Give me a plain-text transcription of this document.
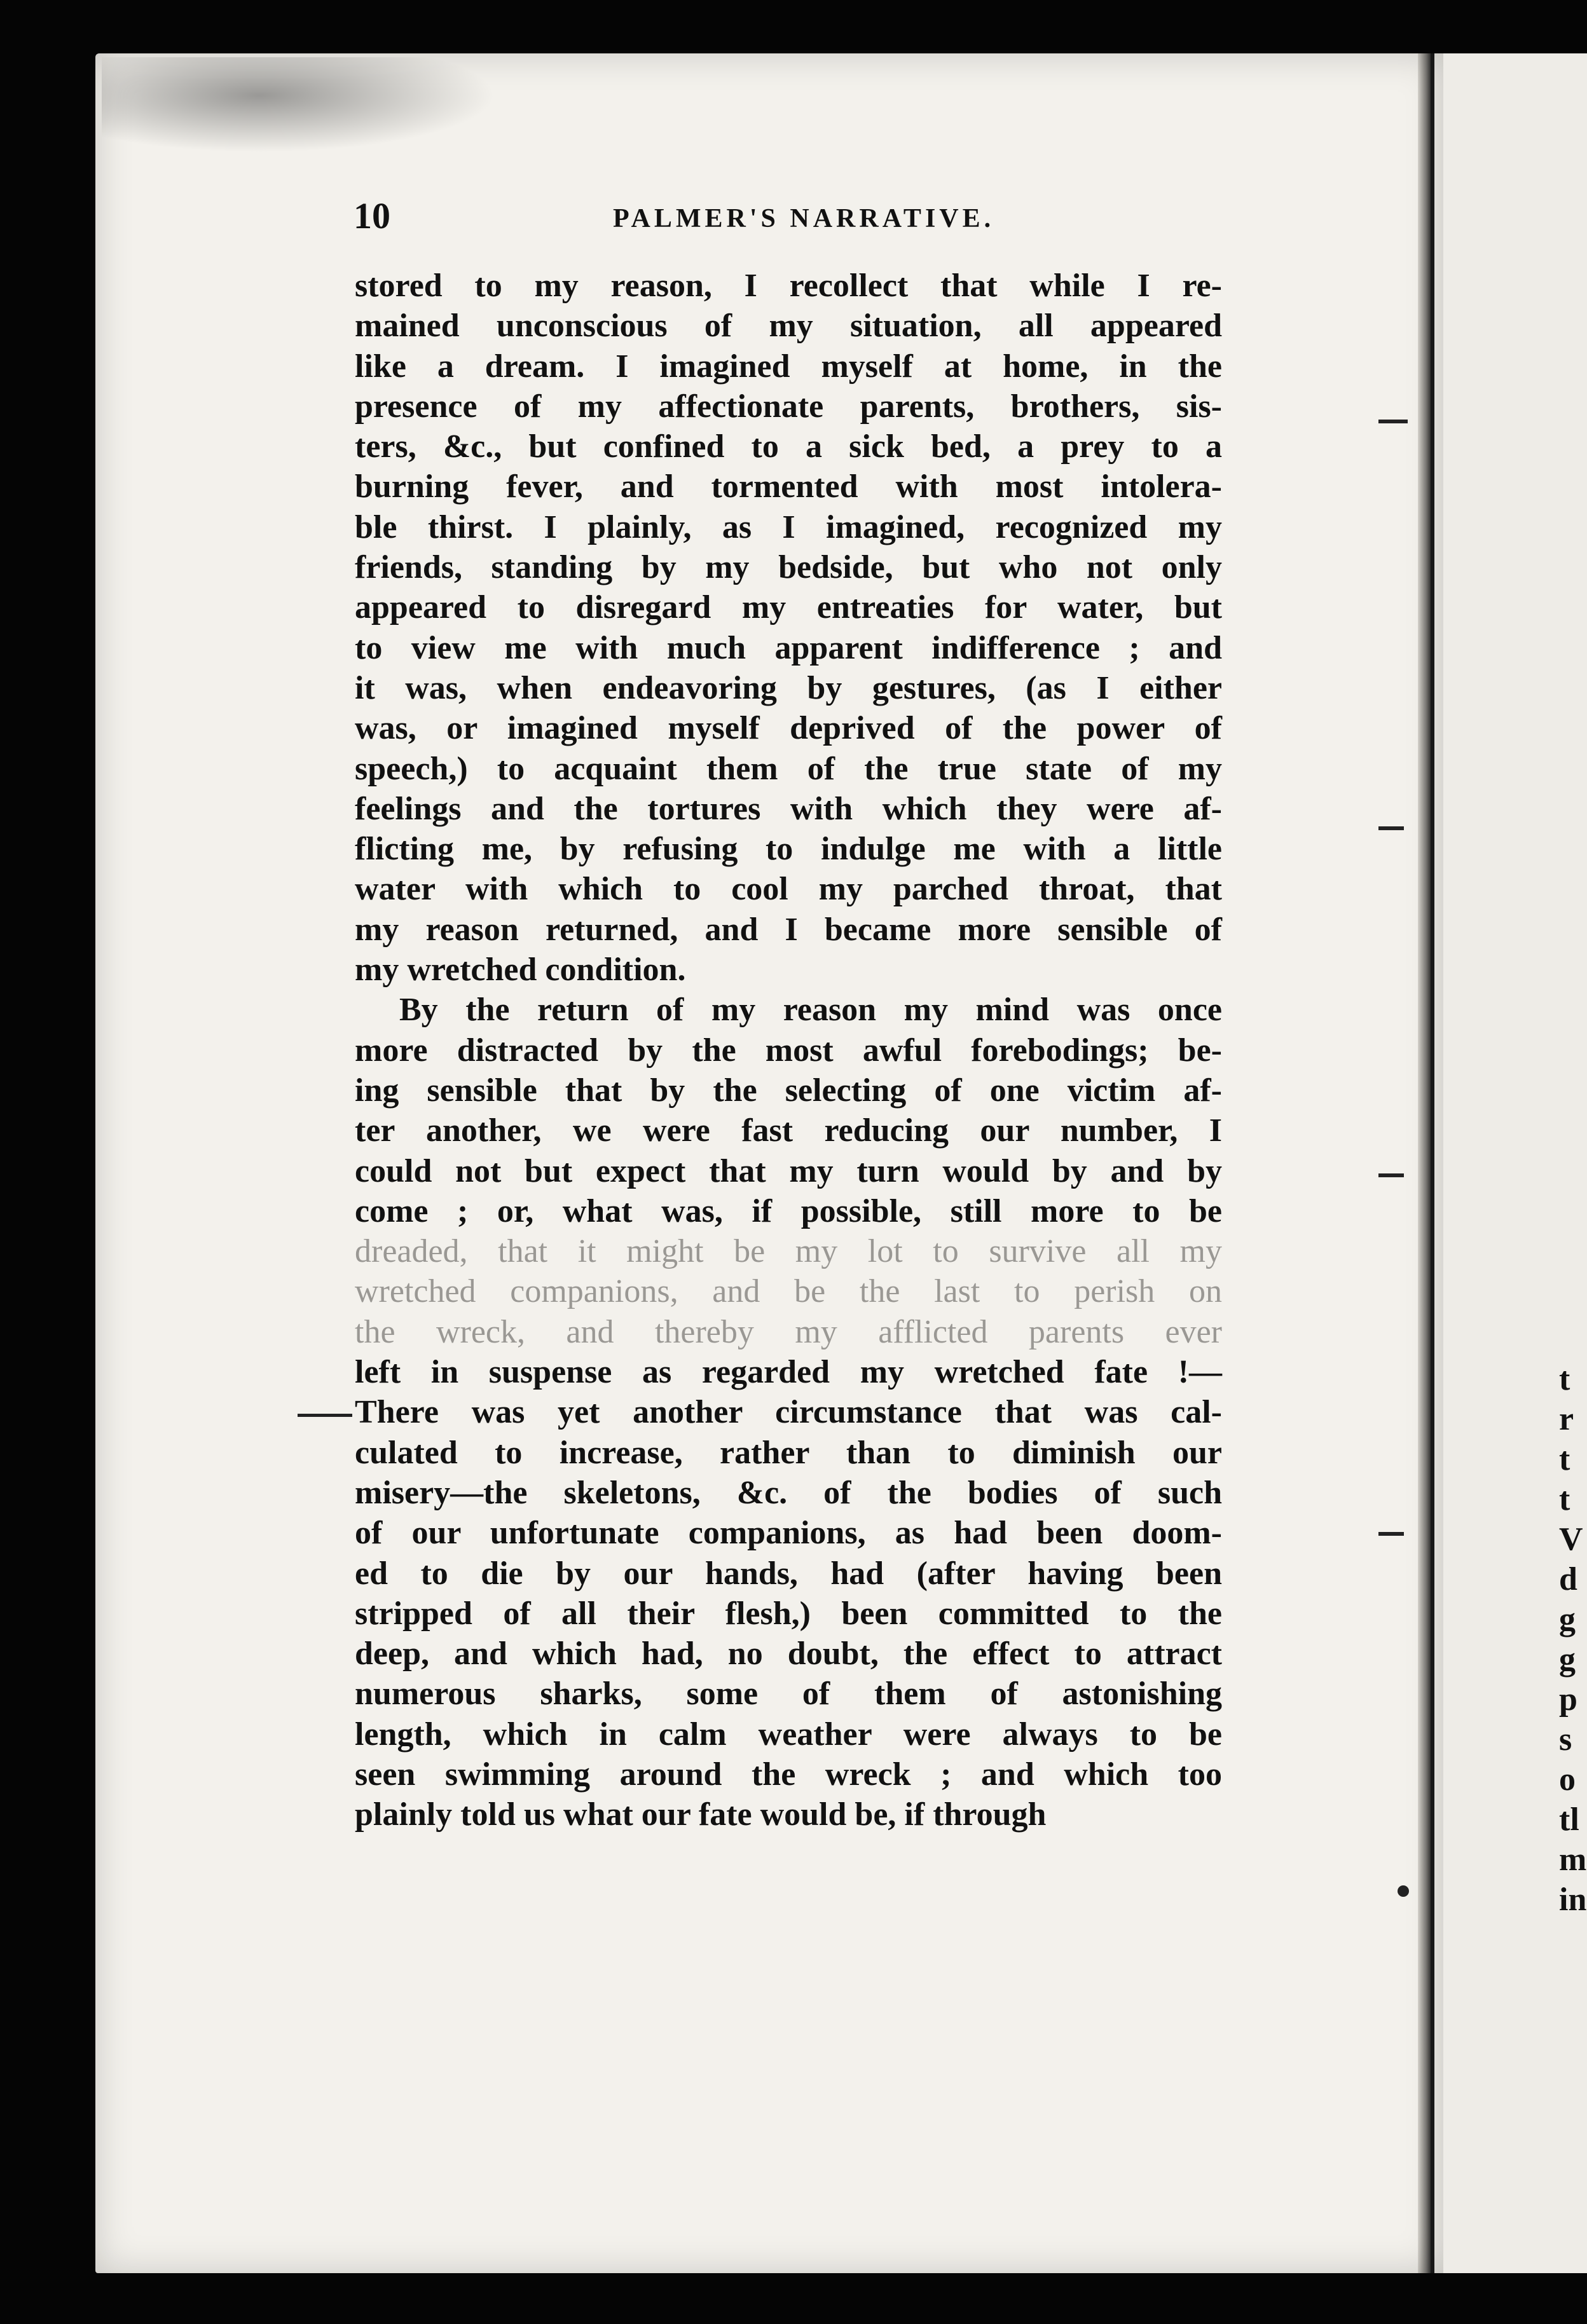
10	PALMER'S NARRATIVE.
stored to my reason, I recollect that while I re-
mained unconscious of my situation, all appeared
like a dream. I imagined myself at home, in the
presence of my affectionate parents, brothers, sis-
ters, &c., but confined to a sick bed, a prey to a
burning fever, and tormented with most intolera-
ble thirst. I plainly, as I imagined, recognized my
friends, standing by my bedside, but who not only
appeared to disregard my entreaties for water, but
to view me with much apparent indifference ; and
it was, when endeavoring by gestures, (as I either
was, or imagined myself deprived of the power of
speech,) to acquaint them of the true state of my
feelings and the tortures with which they were af-
flicting me, by refusing to indulge me with a little
water with which to cool my parched throat, that
my reason returned, and I became more sensible of
my wretched condition.
By the return of my reason my mind was once
more distracted by the most awful forebodings; be-
ing sensible that by the selecting of one victim af-
ter another, we were fast reducing our number, I
could not but expect that my turn would by and by
come ; or, what was, if possible, still more to be
dreaded, that it might be my lot to survive all my
wretched companions, and be the last to perish on
the wreck, and thereby my afflicted parents ever
left in suspense as regarded my wretched fate !—
There was yet another circumstance that was cal-
culated to increase, rather than to diminish our
misery—the skeletons, &c. of the bodies of such
of our unfortunate companions, as had been doom-
ed to die by our hands, had (after having been
stripped of all their flesh,) been committed to the
deep, and which had, no doubt, the effect to attract
numerous sharks, some of them of astonishing
length, which in calm weather were always to be
seen swimming around the wreck ; and which too
plainly told us what our fate would be, if through
t
r
t
t
V
d
g
g
p
s
o
tl
m
in
